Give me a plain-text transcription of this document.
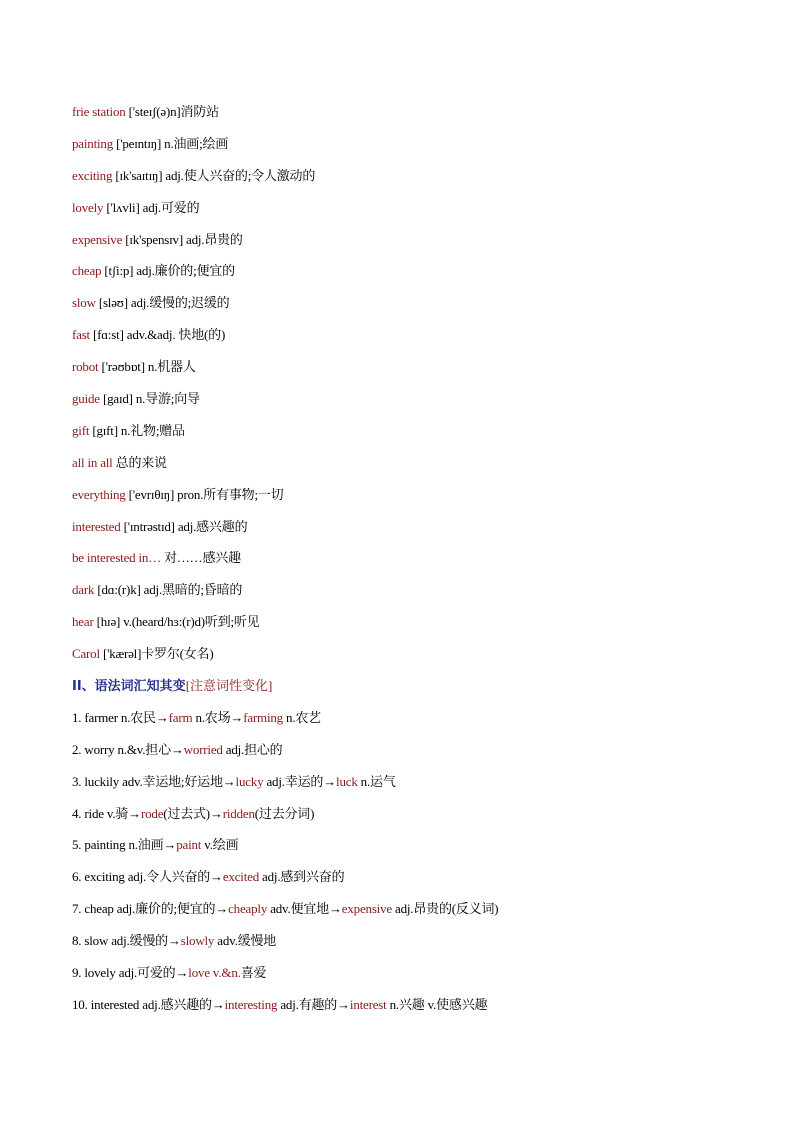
frie station ['steɪʃ(ə)n]消防站
painting ['peɪntɪŋ] n.油画;绘画
exciting [ɪk'saɪtɪŋ] adj.使人兴奋的;令人激动的
lovely ['lʌvli] adj.可爱的
expensive [ɪk'spensɪv] adj.昂贵的
cheap [tʃi:p] adj.廉价的;便宜的
slow [sləʊ] adj.缓慢的;迟缓的
fast [fɑ:st] adv.&adj. 快地(的)
robot ['rəʊbɒt] n.机器人
guide [gaɪd] n.导游;向导
gift [gɪft] n.礼物;赠品
all in all 总的来说
everything ['evrɪθɪŋ] pron.所有事物;一切
interested ['ɪntrəstɪd] adj.感兴趣的
be interested in… 对……感兴趣
dark [dɑ:(r)k] adj.黑暗的;昏暗的
hear [hɪə] v.(heard/hɜ:(r)d)听到;听见
Carol ['kærəl]卡罗尔(女名)
II、语法词汇知其变[注意词性变化]
1. farmer n.农民→farm n.农场→farming n.农艺
2. worry n.&v.担心→worried adj.担心的
3. luckily adv.幸运地;好运地→lucky adj.幸运的→luck n.运气
4. ride v.骑→rode(过去式)→ridden(过去分词)
5. painting n.油画→paint v.绘画
6. exciting adj.令人兴奋的→excited adj.感到兴奋的
7. cheap adj.廉价的;便宜的→cheaply adv.便宜地→expensive adj.昂贵的(反义词)
8. slow adj.缓慢的→slowly adv.缓慢地
9. lovely adj.可爱的→love v.&n.喜爱
10. interested adj.感兴趣的→interesting adj.有趣的→interest n.兴趣 v.使感兴趣
